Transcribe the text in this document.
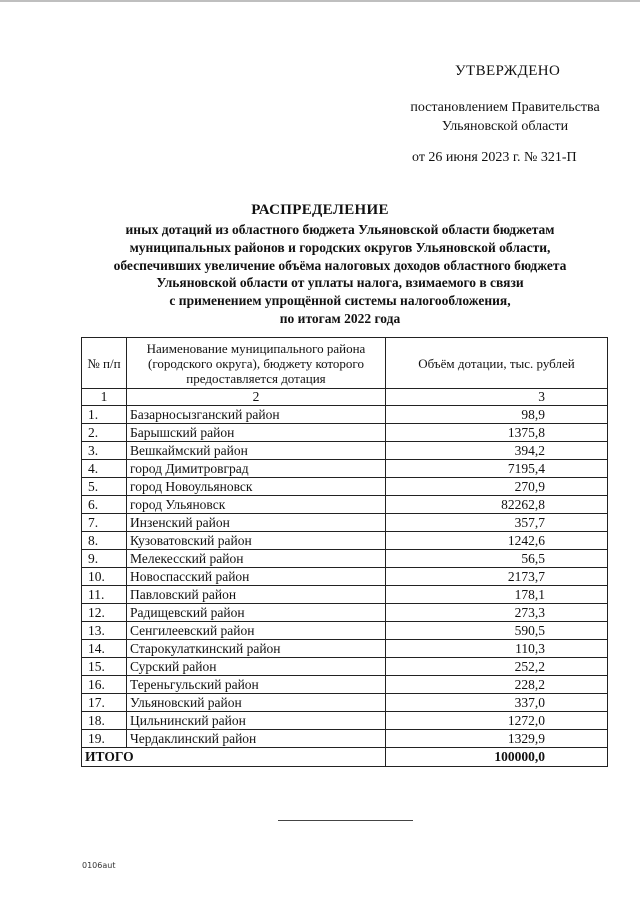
УТВЕРЖДЕНО
постановлением Правительства
Ульяновской области
от 26 июня 2023 г. № 321-П
РАСПРЕДЕЛЕНИЕ
иных дотаций из областного бюджета Ульяновской области бюджетам
муниципальных районов и городских округов Ульяновской области,
обеспечивших увеличение объёма налоговых доходов областного бюджета
Ульяновской области от уплаты налога, взимаемого в связи
с применением упрощённой системы налогообложения,
по итогам 2022 года
№ п/п	Наименование муниципального района (городского округа), бюджету которого предоставляется дотация	Объём дотации, тыс. рублей
1	2	3
1.	Базарносызганский район	98,9
2.	Барышский район	1375,8
3.	Вешкаймский район	394,2
4.	город Димитровград	7195,4
5.	город Новоульяновск	270,9
6.	город Ульяновск	82262,8
7.	Инзенский район	357,7
8.	Кузоватовский район	1242,6
9.	Мелекесский район	56,5
10.	Новоспасский район	2173,7
11.	Павловский район	178,1
12.	Радищевский район	273,3
13.	Сенгилеевский район	590,5
14.	Старокулаткинский район	110,3
15.	Сурский район	252,2
16.	Тереньгульский район	228,2
17.	Ульяновский район	337,0
18.	Цильнинский район	1272,0
19.	Чердаклинский район	1329,9
ИТОГО		100000,0
0106aut
